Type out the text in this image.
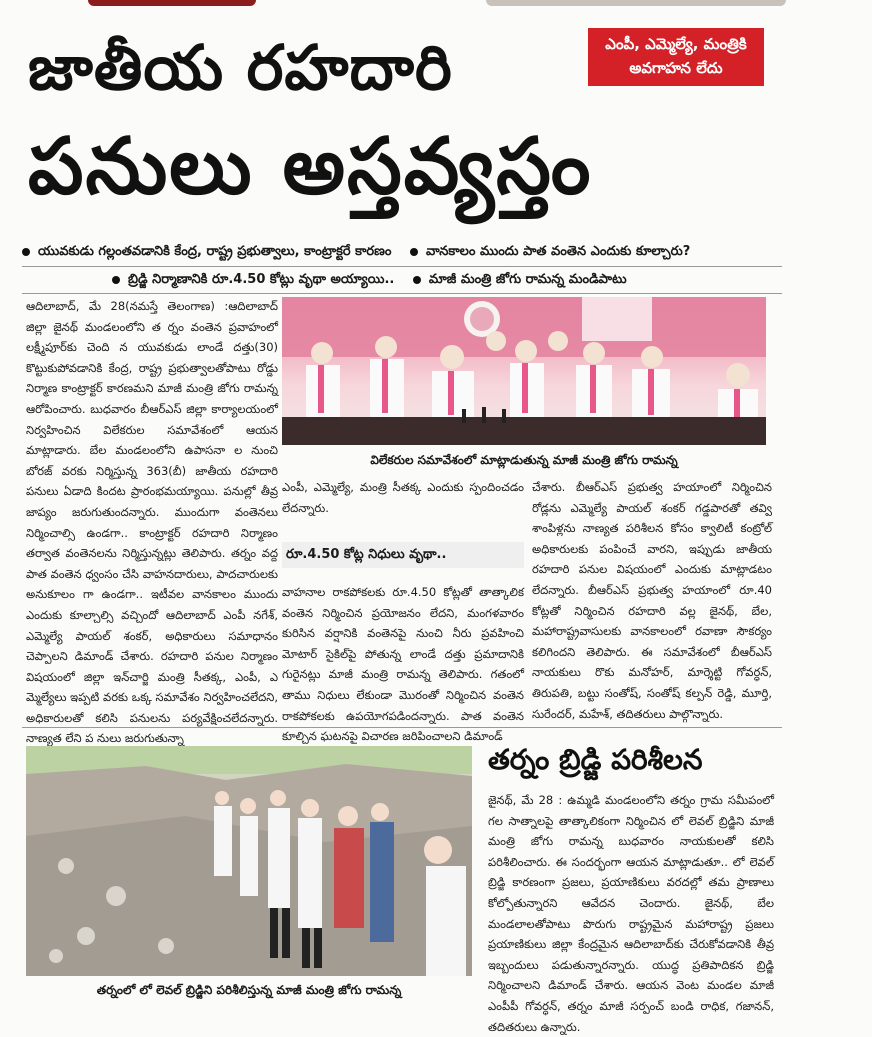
జాతీయ రహదారి
పనులు అస్తవ్యస్తం
ఎంపీ, ఎమ్మెల్యే, మంత్రికి
అవగాహన లేదు
యువకుడు గల్లంతవడానికి కేంద్ర, రాష్ట్ర ప్రభుత్వాలు, కాంట్రాక్టరే కారణం	వానకాలం ముందు పాత వంతెన ఎందుకు కూల్చారు?
బ్రిడ్జి నిర్మాణానికి రూ.4.50 కోట్లు వృథా అయ్యాయి..	మాజీ మంత్రి జోగు రామన్న మండిపాటు
ఆదిలాబాద్, మే 28(నమస్తే తెలంగాణ) :ఆదిలాబాద్ జిల్లా జైనథ్ మండలంలోని త ర్నం వంతెన ప్రవాహంలో లక్ష్మీపూర్‌కు చెంది న యువకుడు లాండే దత్తు(30) కొట్టుకుపోవడానికి కేంద్ర, రాష్ట్ర ప్రభుత్వాలతోపాటు రోడ్డు నిర్మాణ కాంట్రాక్టర్ కారణమని మాజీ మంత్రి జోగు రామన్న ఆరోపించారు. బుధవారం బీఆర్ఎస్ జిల్లా కార్యాలయంలో నిర్వహించిన విలేకరుల సమావేశంలో ఆయన మాట్లాడారు. బేల మండలంలోని ఉపాసనా ల నుంచి బోరజ్ వరకు నిర్మిస్తున్న 363(బీ) జాతీయ రహదారి పనులు ఏడాది కిందట ప్రారంభమయ్యాయి. పనుల్లో తీవ్ర జాప్యం జరుగుతుందన్నారు. ముందుగా వంతెనలు నిర్మించాల్సి ఉండగా.. కాంట్రాక్టర్ రహదారి నిర్మాణం తర్వాత వంతెనలను నిర్మిస్తున్నట్లు తెలిపారు. తర్నం వద్ద పాత వంతెన ధ్వంసం చేసి వాహనదారులు, పాదచారులకు అనుకూలం గా ఉండగా.. ఇటీవల వానకాలం ముందు ఎందుకు కూల్చాల్సి వచ్చిందో ఆదిలాబాద్ ఎంపీ నగేశ్, ఎమ్మెల్యే పాయల్ శంకర్, అధికారులు సమాధానం చెప్పాలని డిమాండ్ చేశారు. రహదారి పనుల నిర్మాణం విషయంలో జిల్లా ఇన్‌చార్జి మంత్రి సీతక్క, ఎంపీ, ఎ మ్మెల్యేలు ఇప్పటి వరకు ఒక్క సమావేశం నిర్వహించలేదని, అధికారులతో కలిసి పనులను పర్యవేక్షించలేదన్నారు. నాణ్యత లేని ప నులు జరుగుతున్నా
విలేకరుల సమావేశంలో మాట్లాడుతున్న మాజీ మంత్రి జోగు రామన్న
ఎంపీ, ఎమ్మెల్యే, మంత్రి సీతక్క ఎందుకు స్పందించడం లేదన్నారు.
రూ.4.50 కోట్ల నిధులు వృథా..
వాహనాల రాకపోకలకు రూ.4.50 కోట్లతో తాత్కాలిక వంతెన నిర్మించిన ప్రయోజనం లేదని, మంగళవారం కురిసిన వర్షానికి వంతెనపై నుంచి నీరు ప్రవహించి మోటార్ సైకిల్‌పై పోతున్న లాండే దత్తు ప్రమాదానికి గురైనట్లు మాజీ మంత్రి రామన్న తెలిపారు. గతంలో తాము నిధులు లేకుండా మొరంతో నిర్మించిన వంతెన రాకపోకలకు ఉపయోగపడిందన్నారు. పాత వంతెన కూల్చిన ఘటనపై విచారణ జరిపించాలని డిమాండ్
చేశారు. బీఆర్ఎస్ ప్రభుత్వ హయాంలో నిర్మించిన రోడ్లను ఎమ్మెల్యే పాయల్ శంకర్ గడ్డపారతో తవ్వి శాంపిళ్లను నాణ్యత పరిశీలన కోసం క్వాలిటీ కంట్రోల్ అధికారులకు పంపించే వారని, ఇప్పుడు జాతీయ రహదారి పనుల విషయంలో ఎందుకు మాట్లాడటం లేదన్నారు. బీఆర్ఎస్ ప్రభుత్వ హయాంలో రూ.40 కోట్లతో నిర్మించిన రహదారి వల్ల జైనథ్, బేల, మహారాష్ట్రవాసులకు వానకాలంలో రవాణా సౌకర్యం కలిగిందని తెలిపారు. ఈ సమావేశంలో బీఆర్ఎస్ నాయకులు రొకు మనోహర్, మార్శెట్టి గోవర్ధన్, తిరుపతి, బట్టు సంతోష్, సంతోష్ కల్పన్ రెడ్డి, మూర్తి, సురేందర్, మహేశ్, తదితరులు పాల్గొన్నారు.
తర్నంలో లో లెవల్ బ్రిడ్జిని పరిశీలిస్తున్న మాజీ మంత్రి జోగు రామన్న
తర్నం బ్రిడ్జి పరిశీలన
జైనథ్, మే 28 : ఉమ్మడి మండలంలోని తర్నం గ్రామ సమీపంలో గల సాత్నాలపై తాత్కాలికంగా నిర్మించిన లో లెవల్ బ్రిడ్జిని మాజీ మంత్రి జోగు రామన్న బుధవారం నాయకులతో కలిసి పరిశీలించారు. ఈ సందర్భంగా ఆయన మాట్లాడుతూ.. లో లెవల్ బ్రిడ్జి కారణంగా ప్రజలు, ప్రయాణికులు వరదల్లో తమ ప్రాణాలు కోల్పోతున్నారని ఆవేదన చెందారు. జైనథ్, బేల మండలాలతోపాటు పొరుగు రాష్ట్రమైన మహారాష్ట్ర ప్రజలు ప్రయాణికులు జిల్లా కేంద్రమైన ఆదిలాబాద్‌కు చేరుకోవడానికి తీవ్ర ఇబ్బందులు పడుతున్నారన్నారు. యుద్ధ ప్రతిపాదికన బ్రిడ్జి నిర్మించాలని డిమాండ్ చేశారు. ఆయన వెంట మండల మాజీ ఎంపీపీ గోవర్ధన్, తర్నం మాజీ సర్పంచ్ బండి రాధిక, గజానన్, తదితరులు ఉన్నారు.
